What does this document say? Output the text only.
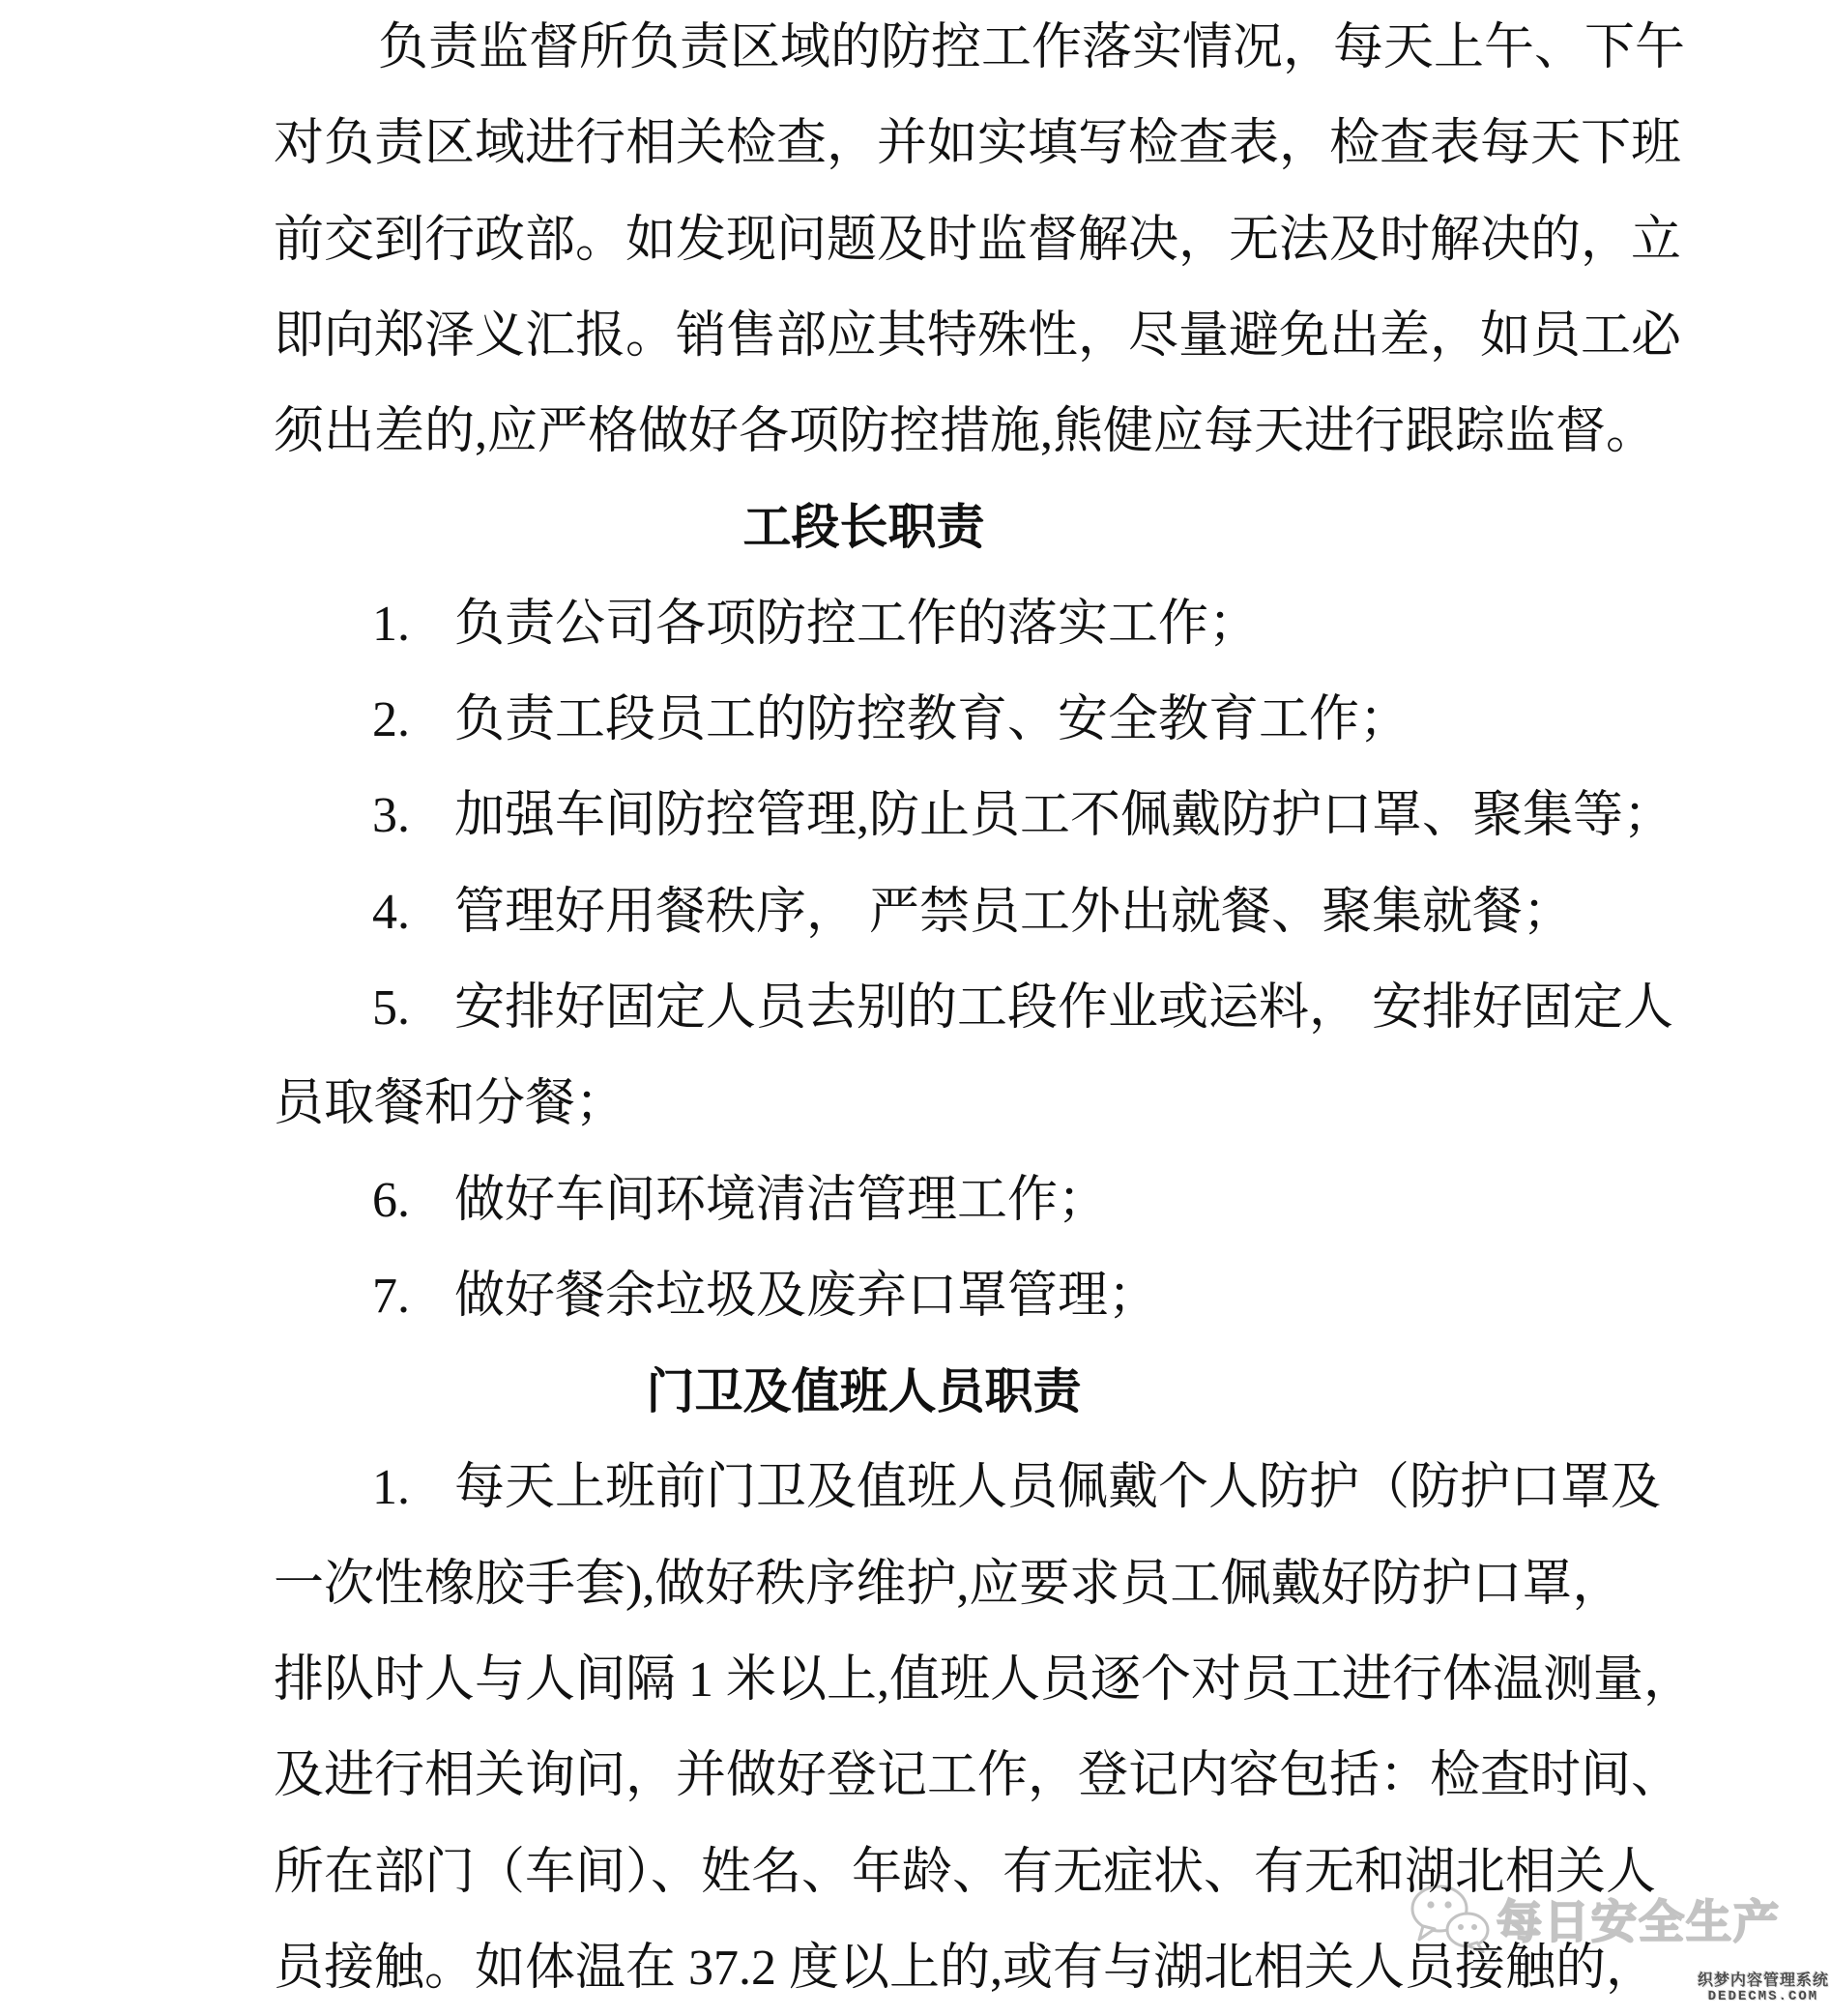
负责监督所负责区域的防控工作落实情况，每天上午、下午
对负责区域进行相关检查，并如实填写检查表，检查表每天下班
前交到行政部。如发现问题及时监督解决，无法及时解决的，立
即向郑泽义汇报。销售部应其特殊性，尽量避免出差，如员工必
须出差的,应严格做好各项防控措施,熊健应每天进行跟踪监督。
工段长职责
1. 负责公司各项防控工作的落实工作；
2. 负责工段员工的防控教育、安全教育工作；
3. 加强车间防控管理,防止员工不佩戴防护口罩、聚集等；
4. 管理好用餐秩序， 严禁员工外出就餐、聚集就餐；
5. 安排好固定人员去别的工段作业或运料， 安排好固定人
员取餐和分餐；
6. 做好车间环境清洁管理工作；
7. 做好餐余垃圾及废弃口罩管理；
门卫及值班人员职责
1. 每天上班前门卫及值班人员佩戴个人防护（防护口罩及
一次性橡胶手套),做好秩序维护,应要求员工佩戴好防护口罩，
排队时人与人间隔 1 米以上,值班人员逐个对员工进行体温测量，
及进行相关询问，并做好登记工作，登记内容包括：检查时间、
所在部门（车间）、姓名、年龄、有无症状、有无和湖北相关人
员接触。如体温在 37.2 度以上的,或有与湖北相关人员接触的，
每日安全生产
织梦内容管理系统
DEDECMS.COM
